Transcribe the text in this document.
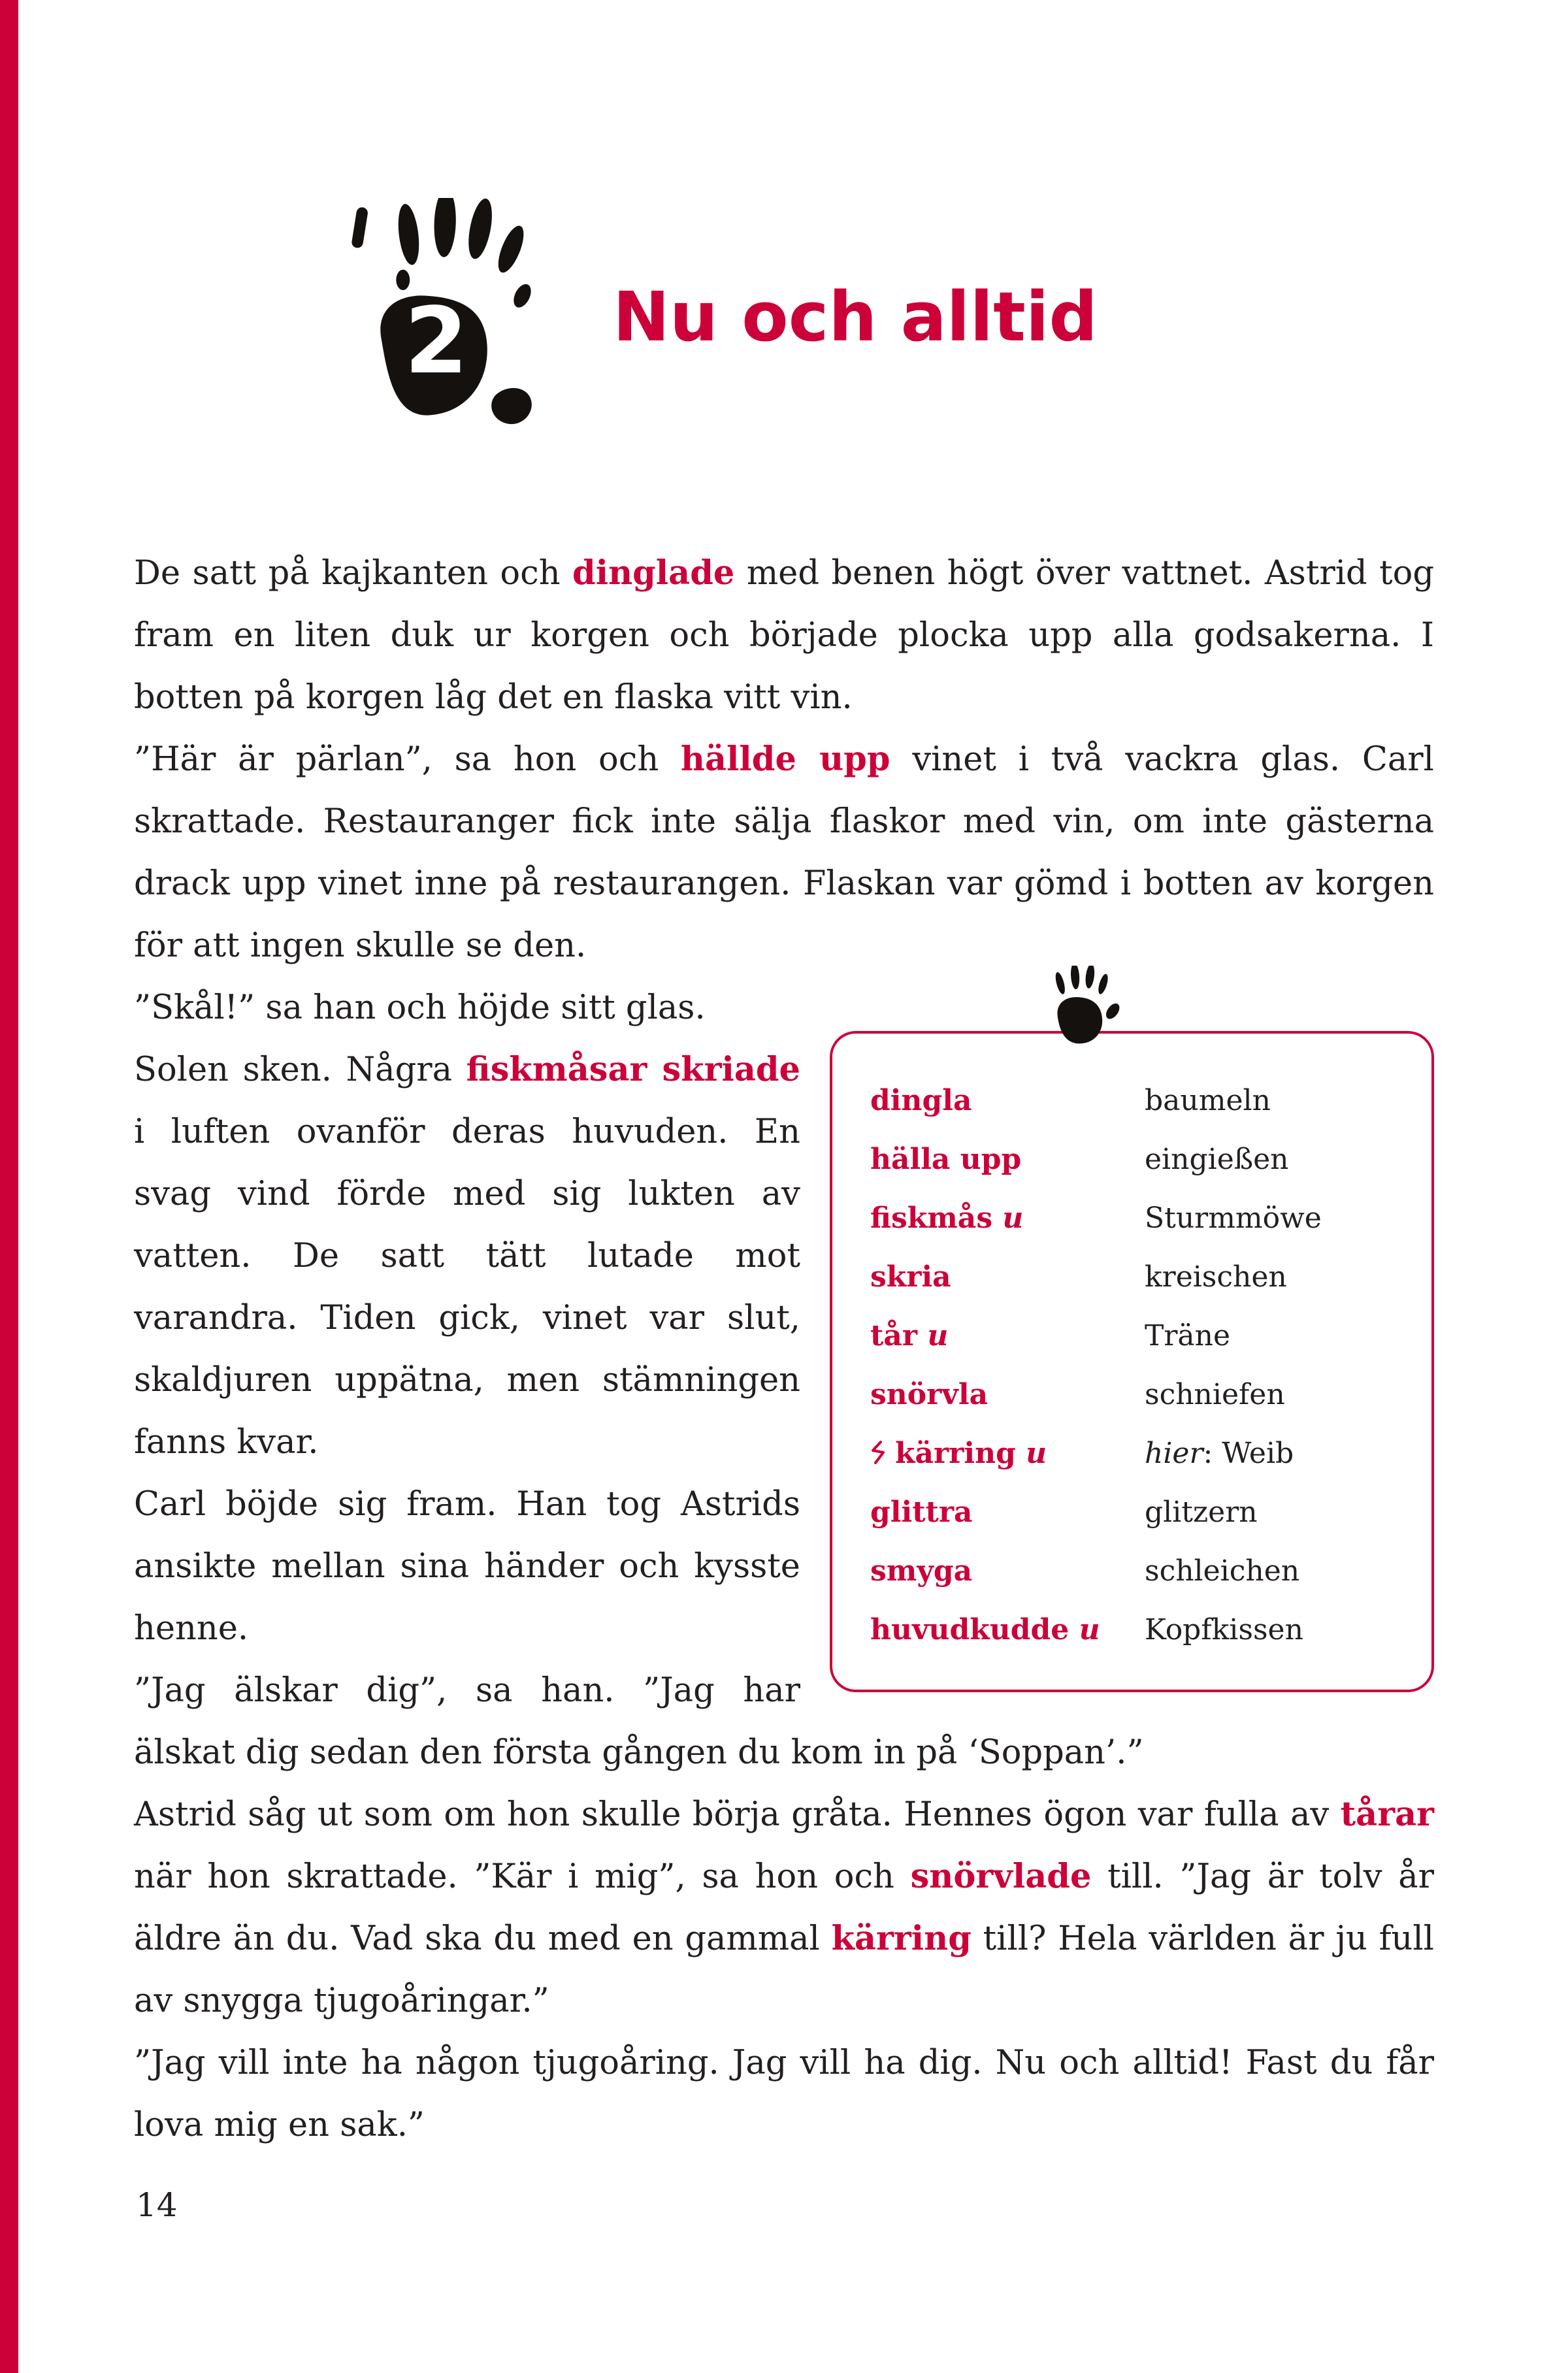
2 Nu och alltid

De satt på kajkanten och dinglade med benen högt över vattnet. Astrid tog fram en liten duk ur korgen och började plocka upp alla godsakerna. I botten på korgen låg det en flaska vitt vin.

”Här är pärlan”, sa hon och hällde upp vinet i två vackra glas. Carl skrattade. Restauranger fick inte sälja flaskor med vin, om inte gästerna drack upp vinet inne på restaurangen. Flaskan var gömd i botten av korgen för att ingen skulle se den.

”Skål!” sa han och höjde sitt glas.

dingla	baumeln
hälla upp	eingießen
fiskmås u	Sturmmöwe
skria	kreischen
tår u	Träne
snörvla	schniefen
kärring u	hier: Weib
glittra	glitzern
smyga	schleichen
huvudkudde u	Kopfkissen

Solen sken. Några fiskmåsar skriade i luften ovanför deras huvuden. En svag vind förde med sig lukten av vatten. De satt tätt lutade mot varandra. Tiden gick, vinet var slut, skaldjuren uppätna, men stämningen fanns kvar.

Carl böjde sig fram. Han tog Astrids ansikte mellan sina händer och kysste henne.

”Jag älskar dig”, sa han. ”Jag har älskat dig sedan den första gången du kom in på ‘Soppan’.”

Astrid såg ut som om hon skulle börja gråta. Hennes ögon var fulla av tårar när hon skrattade. ”Kär i mig”, sa hon och snörvlade till. ”Jag är tolv år äldre än du. Vad ska du med en gammal kärring till? Hela världen är ju full av snygga tjugoåringar.”

”Jag vill inte ha någon tjugoåring. Jag vill ha dig. Nu och alltid! Fast du får lova mig en sak.”

14
